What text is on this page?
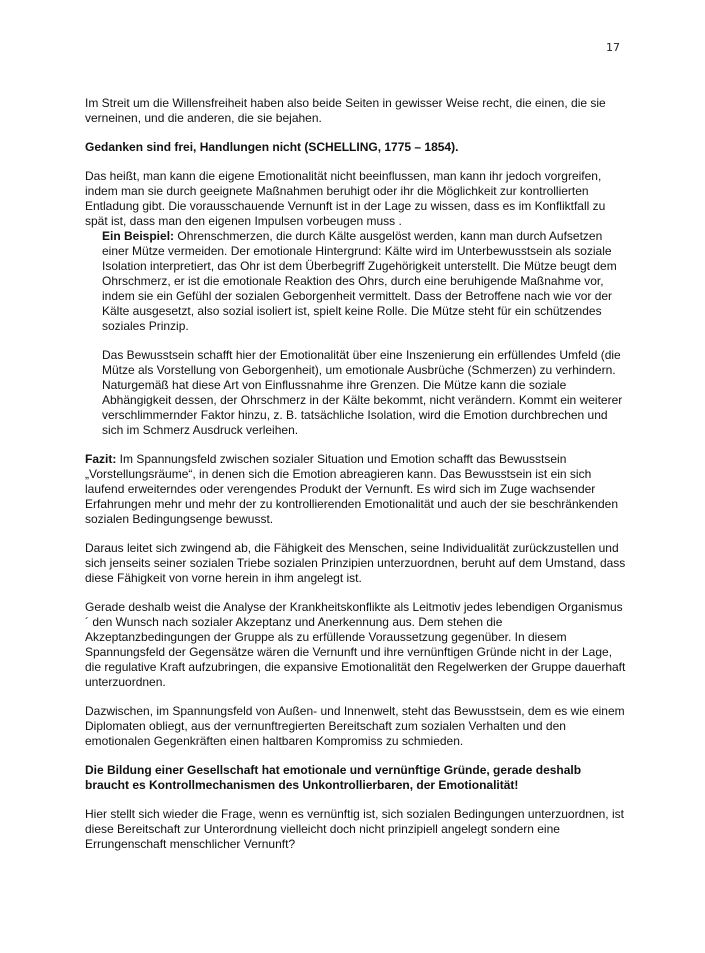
17

Im Streit um die Willensfreiheit haben also beide Seiten in gewisser Weise recht, die einen, die sie verneinen, und die anderen, die sie bejahen.

Gedanken sind frei, Handlungen nicht (SCHELLING, 1775 – 1854).

Das heißt, man kann die eigene Emotionalität nicht beeinflussen, man kann ihr jedoch vorgreifen, indem man sie durch geeignete Maßnahmen beruhigt oder ihr die Möglichkeit zur kontrollierten Entladung gibt. Die vorausschauende Vernunft ist in der Lage zu wissen, dass es im Konfliktfall zu spät ist, dass man den eigenen Impulsen vorbeugen muss .

Ein Beispiel: Ohrenschmerzen, die durch Kälte ausgelöst werden, kann man durch Aufsetzen einer Mütze vermeiden. Der emotionale Hintergrund: Kälte wird im Unterbewusstsein als soziale Isolation interpretiert, das Ohr ist dem Überbegriff Zugehörigkeit unterstellt. Die Mütze beugt dem Ohrschmerz, er ist die emotionale Reaktion des Ohrs, durch eine beruhigende Maßnahme vor, indem sie ein Gefühl der sozialen Geborgenheit vermittelt. Dass der Betroffene nach wie vor der Kälte ausgesetzt, also sozial isoliert ist, spielt keine Rolle. Die Mütze steht für ein schützendes soziales Prinzip.

Das Bewusstsein schafft hier der Emotionalität über eine Inszenierung ein erfüllendes Umfeld (die Mütze als Vorstellung von Geborgenheit), um emotionale Ausbrüche (Schmerzen) zu verhindern. Naturgemäß hat diese Art von Einflussnahme ihre Grenzen. Die Mütze kann die soziale Abhängigkeit dessen, der Ohrschmerz in der Kälte bekommt, nicht verändern. Kommt ein weiterer verschlimmernder Faktor hinzu, z. B. tatsächliche Isolation, wird die Emotion durchbrechen und sich im Schmerz Ausdruck verleihen.

Fazit: Im Spannungsfeld zwischen sozialer Situation und Emotion schafft das Bewusstsein „Vorstellungsräume“, in denen sich die Emotion abreagieren kann. Das Bewusstsein ist ein sich laufend erweiterndes oder verengendes Produkt der Vernunft. Es wird sich im Zuge wachsender Erfahrungen mehr und mehr der zu kontrollierenden Emotionalität und auch der sie beschränkenden sozialen Bedingungsenge bewusst.

Daraus leitet sich zwingend ab, die Fähigkeit des Menschen, seine Individualität zurückzustellen und sich jenseits seiner sozialen Triebe sozialen Prinzipien unterzuordnen, beruht auf dem Umstand, dass diese Fähigkeit von vorne herein in ihm angelegt ist.

Gerade deshalb weist die Analyse der Krankheitskonflikte als Leitmotiv jedes lebendigen Organismus´ den Wunsch nach sozialer Akzeptanz und Anerkennung aus. Dem stehen die Akzeptanzbedingungen der Gruppe als zu erfüllende Voraussetzung gegenüber. In diesem Spannungsfeld der Gegensätze wären die Vernunft und ihre vernünftigen Gründe nicht in der Lage, die regulative Kraft aufzubringen, die expansive Emotionalität den Regelwerken der Gruppe dauerhaft unterzuordnen.

Dazwischen, im Spannungsfeld von Außen- und Innenwelt, steht das Bewusstsein, dem es wie einem Diplomaten obliegt, aus der vernunftregierten Bereitschaft zum sozialen Verhalten und den emotionalen Gegenkräften einen haltbaren Kompromiss zu schmieden.

Die Bildung einer Gesellschaft hat emotionale und vernünftige Gründe, gerade deshalb braucht es Kontrollmechanismen des Unkontrollierbaren, der Emotionalität!

Hier stellt sich wieder die Frage, wenn es vernünftig ist, sich sozialen Bedingungen unterzuordnen, ist diese Bereitschaft zur Unterordnung vielleicht doch nicht prinzipiell angelegt sondern eine Errungenschaft menschlicher Vernunft?
